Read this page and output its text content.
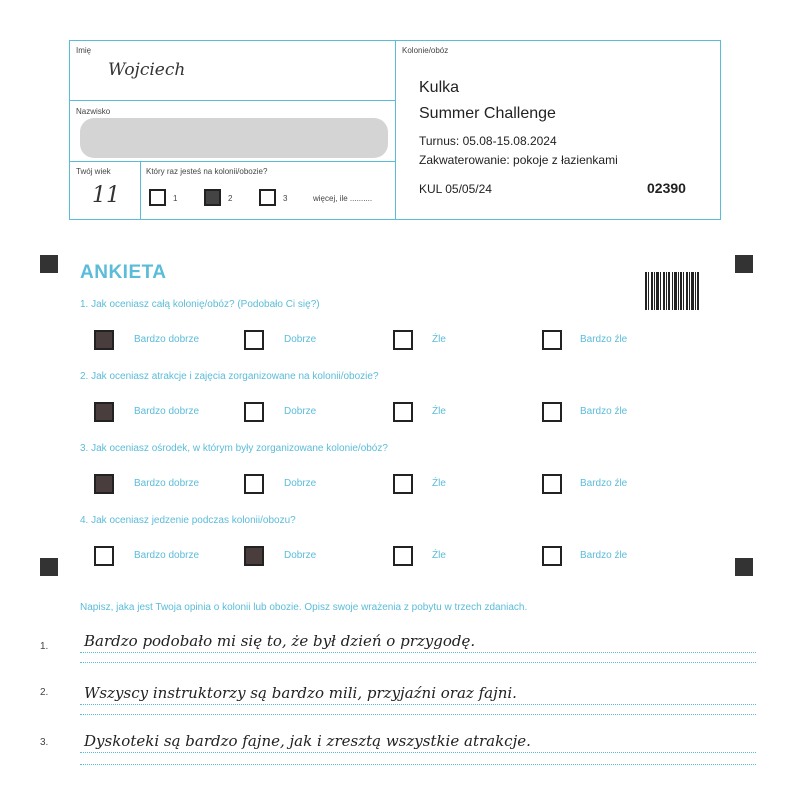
Imię
Wojciech
Nazwisko
Twój wiek
11
Który raz jesteś na kolonii/obozie?
1	2	3	więcej, ile ..........
Kolonie/obóz
Kulka
Summer Challenge
Turnus: 05.08-15.08.2024
Zakwaterowanie: pokoje z łazienkami
KUL 05/05/24	02390
ANKIETA
1. Jak oceniasz całą kolonię/obóz? (Podobało Ci się?)
Bardzo dobrze	Dobrze	Źle	Bardzo źle
2. Jak oceniasz atrakcje i zajęcia zorganizowane na kolonii/obozie?
Bardzo dobrze	Dobrze	Źle	Bardzo źle
3. Jak oceniasz ośrodek, w którym były zorganizowane kolonie/obóz?
Bardzo dobrze	Dobrze	Źle	Bardzo źle
4. Jak oceniasz jedzenie podczas kolonii/obozu?
Bardzo dobrze	Dobrze	Źle	Bardzo źle
Napisz, jaka jest Twoja opinia o kolonii lub obozie. Opisz swoje wrażenia z pobytu w trzech zdaniach.
1. Bardzo podobało mi się to, że był dzień o przygodę.
2. Wszyscy instruktorzy są bardzo mili, przyjaźni oraz fajni.
3. Dyskoteki są bardzo fajne, jak i zresztą wszystkie atrakcje.
